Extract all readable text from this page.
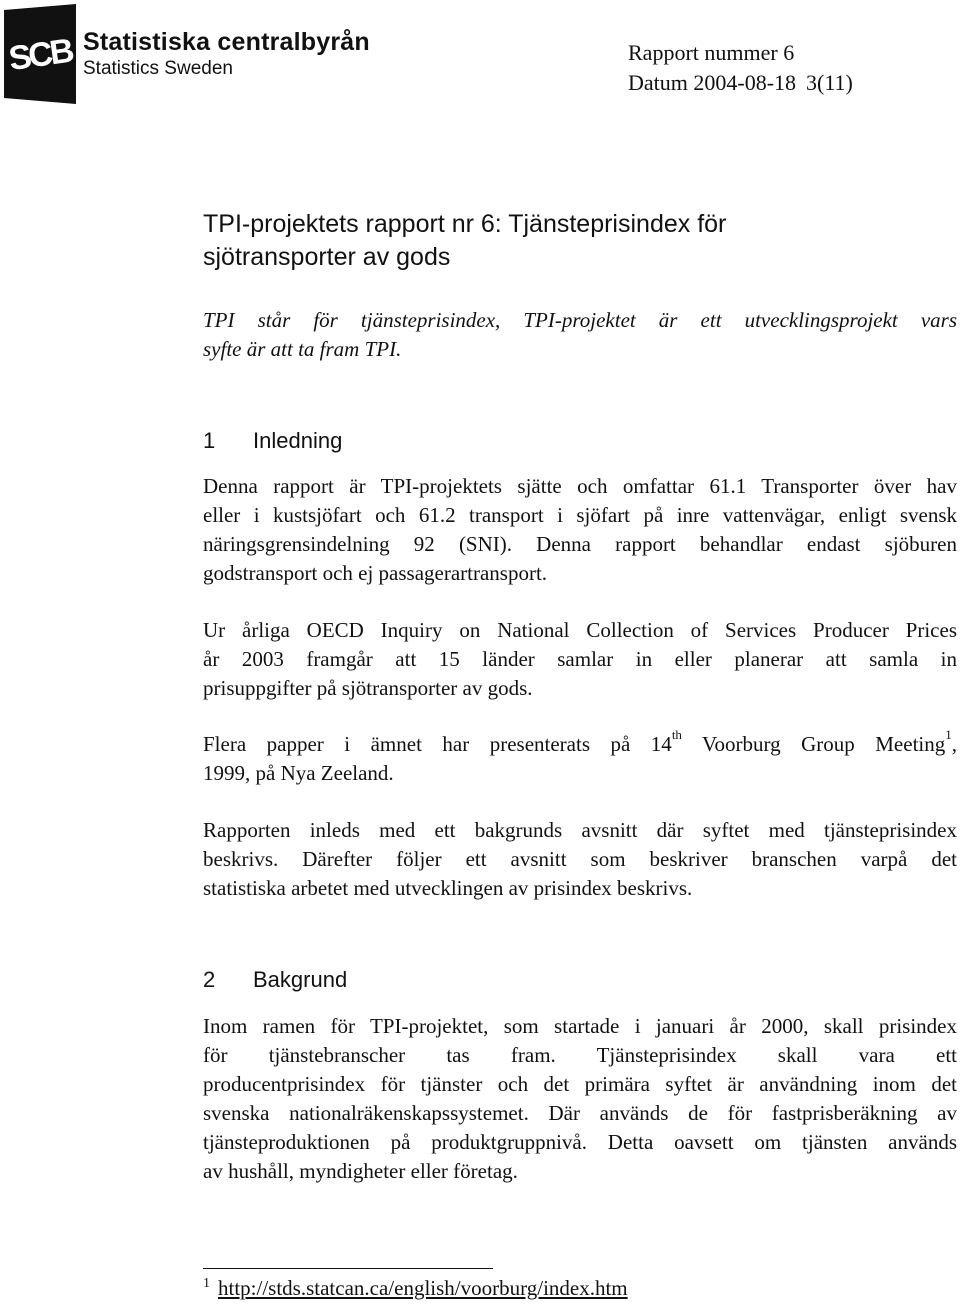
SCB Statistiska centralbyrån
Statistics Sweden
Rapport nummer 6
Datum 2004-08-18 3(11)
TPI-projektets rapport nr 6: Tjänsteprisindex för
sjötransporter av gods
TPI står för tjänsteprisindex, TPI-projektet är ett utvecklingsprojekt vars
syfte är att ta fram TPI.
1 Inledning
Denna rapport är TPI-projektets sjätte och omfattar 61.1 Transporter över hav
eller i kustsjöfart och 61.2 transport i sjöfart på inre vattenvägar, enligt svensk
näringsgrensindelning 92 (SNI). Denna rapport behandlar endast sjöburen
godstransport och ej passagerartransport.
Ur årliga OECD Inquiry on National Collection of Services Producer Prices
år 2003 framgår att 15 länder samlar in eller planerar att samla in
prisuppgifter på sjötransporter av gods.
Flera papper i ämnet har presenterats på 14th Voorburg Group Meeting$^1$,
1999, på Nya Zeeland.
Rapporten inleds med ett bakgrunds avsnitt där syftet med tjänsteprisindex
beskrivs. Därefter följer ett avsnitt som beskriver branschen varpå det
statistiska arbetet med utvecklingen av prisindex beskrivs.
2 Bakgrund
Inom ramen för TPI-projektet, som startade i januari år 2000, skall prisindex
för tjänstebranscher tas fram. Tjänsteprisindex skall vara ett
producentprisindex för tjänster och det primära syftet är användning inom det
svenska nationalräkenskapssystemet. Där används de för fastprisberäkning av
tjänsteproduktionen på produktgruppnivå. Detta oavsett om tjänsten används
av hushåll, myndigheter eller företag.
$^1$ http://stds.statcan.ca/english/voorburg/index.htm
